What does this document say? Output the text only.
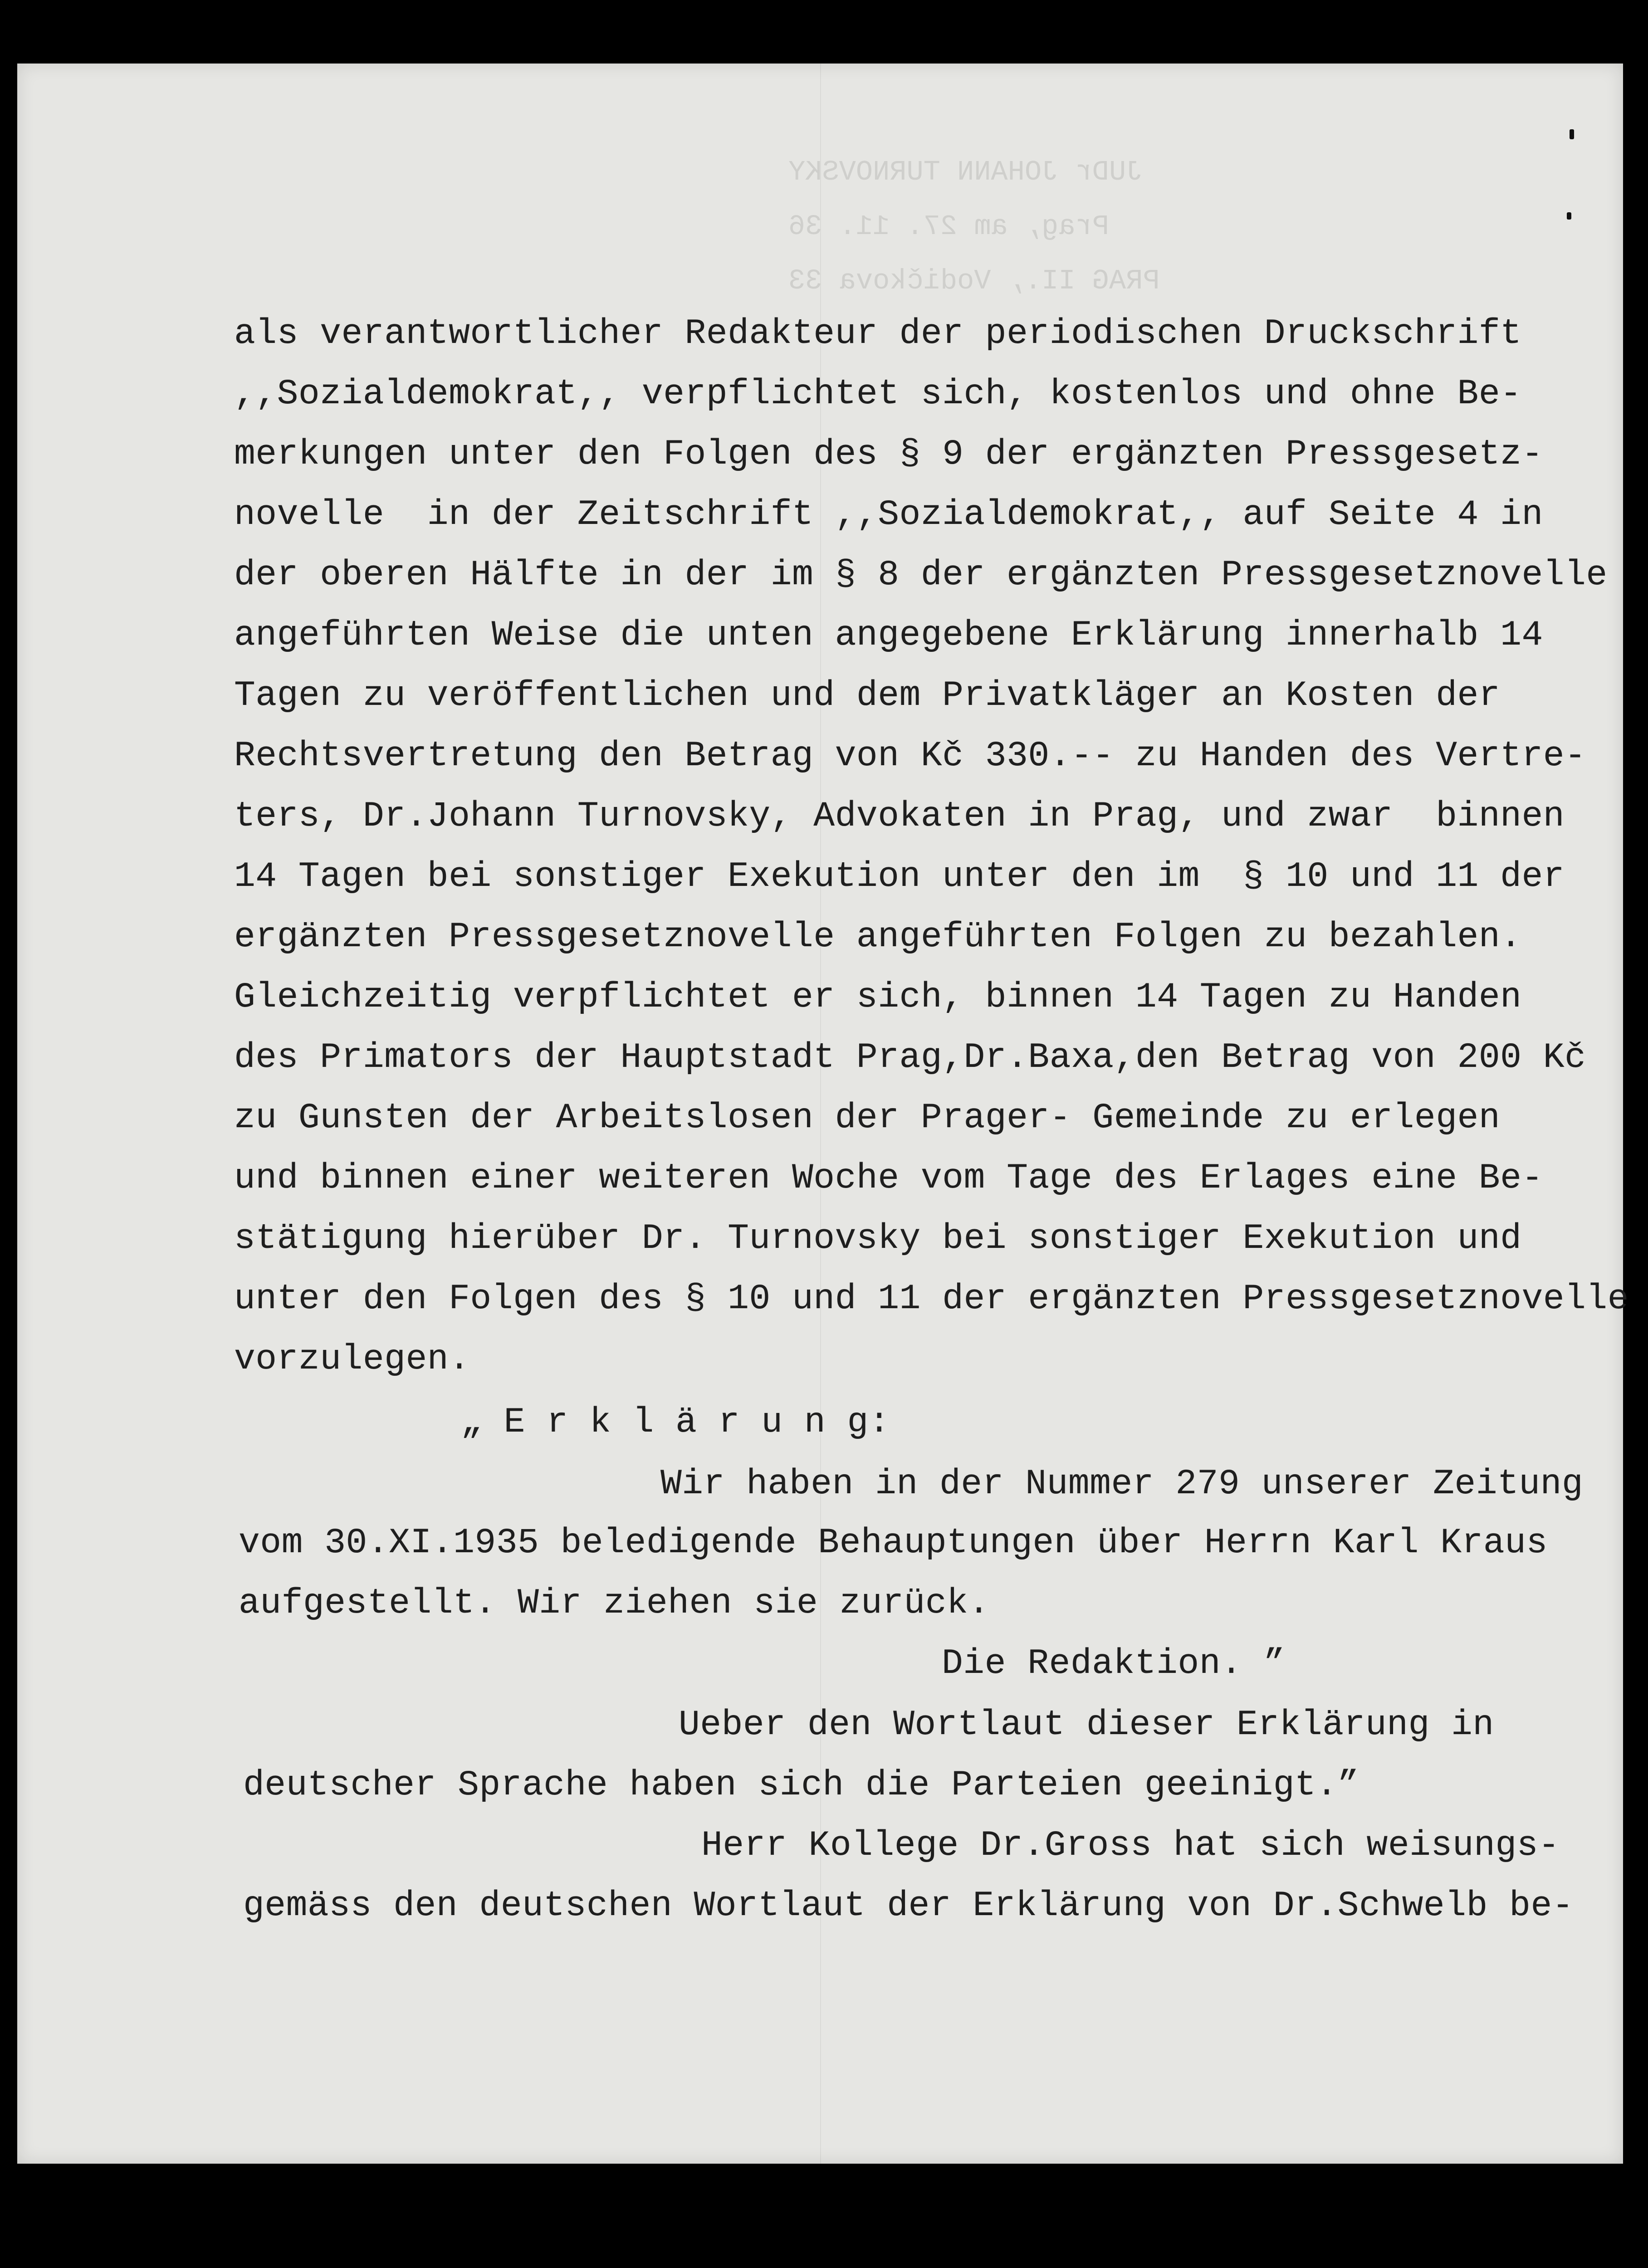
JUDr JOHANN TURNOVSKY
Prag, am 27. 11. 36
PRAG II., Vodičkova 33
als verantwortlicher Redakteur der periodischen Druckschrift
,,Sozialdemokrat,, verpflichtet sich, kostenlos und ohne Be-
merkungen unter den Folgen des § 9 der ergänzten Pressgesetz-
novelle  in der Zeitschrift ,,Sozialdemokrat,, auf Seite 4 in
der oberen Hälfte in der im § 8 der ergänzten Pressgesetznovelle
angeführten Weise die unten angegebene Erklärung innerhalb 14
Tagen zu veröffentlichen und dem Privatkläger an Kosten der
Rechtsvertretung den Betrag von Kč 330.-- zu Handen des Vertre-
ters, Dr.Johann Turnovsky, Advokaten in Prag, und zwar  binnen
14 Tagen bei sonstiger Exekution unter den im  § 10 und 11 der
ergänzten Pressgesetznovelle angeführten Folgen zu bezahlen.
Gleichzeitig verpflichtet er sich, binnen 14 Tagen zu Handen
des Primators der Hauptstadt Prag,Dr.Baxa,den Betrag von 200 Kč
zu Gunsten der Arbeitslosen der Prager- Gemeinde zu erlegen
und binnen einer weiteren Woche vom Tage des Erlages eine Be-
stätigung hierüber Dr. Turnovsky bei sonstiger Exekution und
unter den Folgen des § 10 und 11 der ergänzten Pressgesetznovelle
vorzulegen.
„ E r k l ä r u n g:
Wir haben in der Nummer 279 unserer Zeitung
vom 30.XI.1935 beledigende Behauptungen über Herrn Karl Kraus
aufgestellt. Wir ziehen sie zurück.
Die Redaktion. ”
Ueber den Wortlaut dieser Erklärung in
deutscher Sprache haben sich die Parteien geeinigt.”
Herr Kollege Dr.Gross hat sich weisungs-
gemäss den deutschen Wortlaut der Erklärung von Dr.Schwelb be-
